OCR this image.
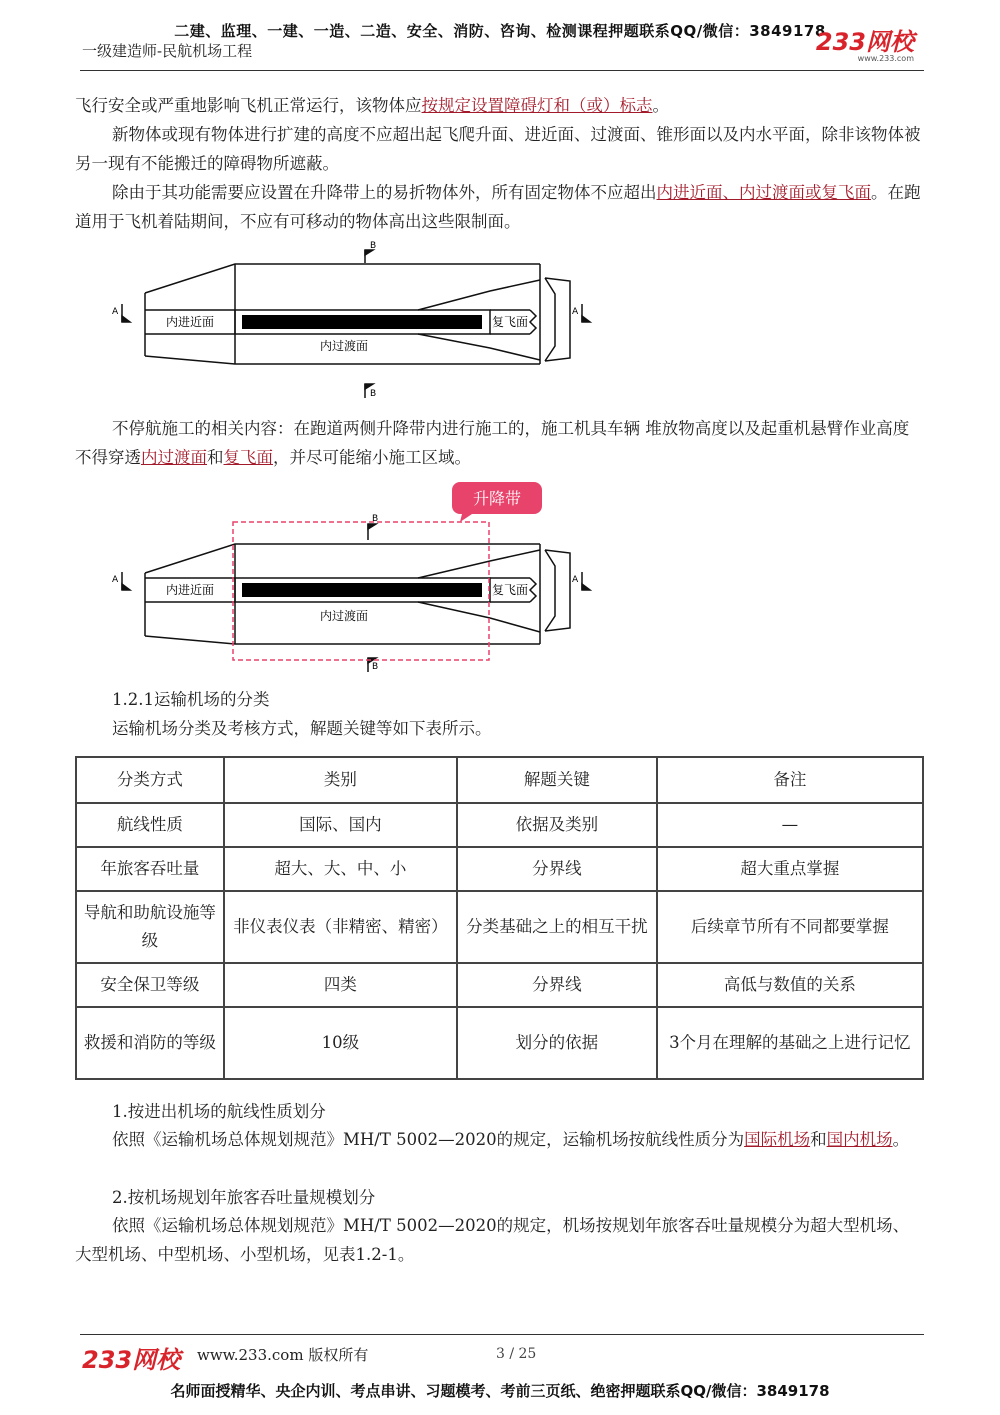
二建、监理、一建、一造、二造、安全、消防、咨询、检测课程押题联系QQ/微信：3849178
一级建造师-民航机场工程	233网校
www.233.com
飞行安全或严重地影响飞机正常运行，该物体应按规定设置障碍灯和（或）标志。
新物体或现有物体进行扩建的高度不应超出起飞爬升面、进近面、过渡面、锥形面以及内水平面，除非该物体被另一现有不能搬迁的障碍物所遮蔽。
除由于其功能需要应设置在升降带上的易折物体外，所有固定物体不应超出内进近面、内过渡面或复飞面。在跑道用于飞机着陆期间，不应有可移动的物体高出这些限制面。
内进近面
内过渡面
复飞面
B
B
A	A
不停航施工的相关内容：在跑道两侧升降带内进行施工的，施工机具车辆 堆放物高度以及起重机悬臂作业高度不得穿透内过渡面和复飞面，并尽可能缩小施工区域。
内进近面
内过渡面
复飞面
B
B
A	A
升降带
1.2.1运输机场的分类
运输机场分类及考核方式，解题关键等如下表所示。
分类方式	类别	解题关键	备注
航线性质	国际、国内	依据及类别	—
年旅客吞吐量	超大、大、中、小	分界线	超大重点掌握
导航和助航设施等级	非仪表仪表（非精密、精密）	分类基础之上的相互干扰	后续章节所有不同都要掌握
安全保卫等级	四类	分界线	高低与数值的关系
救援和消防的等级	10级	划分的依据	3个月在理解的基础之上进行记忆
1.按进出机场的航线性质划分
依照《运输机场总体规划规范》MH/T 5002—2020的规定，运输机场按航线性质分为国际机场和国内机场。
2.按机场规划年旅客吞吐量规模划分
依照《运输机场总体规划规范》MH/T 5002—2020的规定，机场按规划年旅客吞吐量规模分为超大型机场、大型机场、中型机场、小型机场，见表1.2-1。
233网校 www.233.com 版权所有	3 / 25
名师面授精华、央企内训、考点串讲、习题模考、考前三页纸、绝密押题联系QQ/微信：3849178
